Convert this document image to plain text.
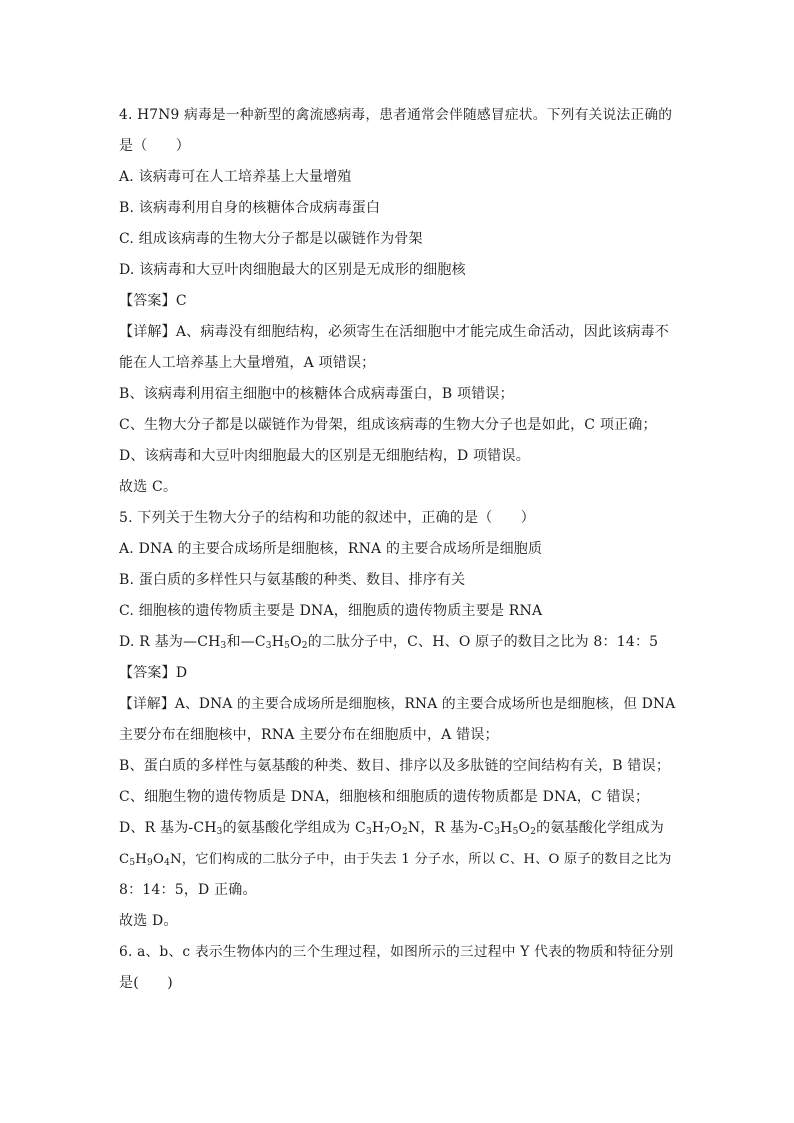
4. H7N9 病毒是一种新型的禽流感病毒，患者通常会伴随感冒症状。下列有关说法正确的
是（　　）
A. 该病毒可在人工培养基上大量增殖
B. 该病毒利用自身的核糖体合成病毒蛋白
C. 组成该病毒的生物大分子都是以碳链作为骨架
D. 该病毒和大豆叶肉细胞最大的区别是无成形的细胞核
【答案】C
【详解】A、病毒没有细胞结构，必须寄生在活细胞中才能完成生命活动，因此该病毒不
能在人工培养基上大量增殖，A 项错误；
B、该病毒利用宿主细胞中的核糖体合成病毒蛋白，B 项错误；
C、生物大分子都是以碳链作为骨架，组成该病毒的生物大分子也是如此，C 项正确；
D、该病毒和大豆叶肉细胞最大的区别是无细胞结构，D 项错误。
故选 C。
5. 下列关于生物大分子的结构和功能的叙述中，正确的是（　　）
A. DNA 的主要合成场所是细胞核，RNA 的主要合成场所是细胞质
B. 蛋白质的多样性只与氨基酸的种类、数目、排序有关
C. 细胞核的遗传物质主要是 DNA，细胞质的遗传物质主要是 RNA
D. R 基为$—CH_3$和$—C_3H_5O_2$的二肽分子中，C、H、O 原子的数目之比为 8：14：5
【答案】D
【详解】A、DNA 的主要合成场所是细胞核，RNA 的主要合成场所也是细胞核，但 DNA
主要分布在细胞核中，RNA 主要分布在细胞质中，A 错误；
B、蛋白质的多样性与氨基酸的种类、数目、排序以及多肽链的空间结构有关，B 错误；
C、细胞生物的遗传物质是 DNA，细胞核和细胞质的遗传物质都是 DNA，C 错误；
D、R 基为$-CH_3$的氨基酸化学组成为 $C_3H_7O_2N$，R 基为$-C_3H_5O_2$的氨基酸化学组成为
$C_5H_9O_4N$，它们构成的二肽分子中，由于失去 1 分子水，所以 C、H、O 原子的数目之比为
8：14：5，D 正确。
故选 D。
6. a、b、c 表示生物体内的三个生理过程，如图所示的三过程中 Y 代表的物质和特征分别
是(　　)
